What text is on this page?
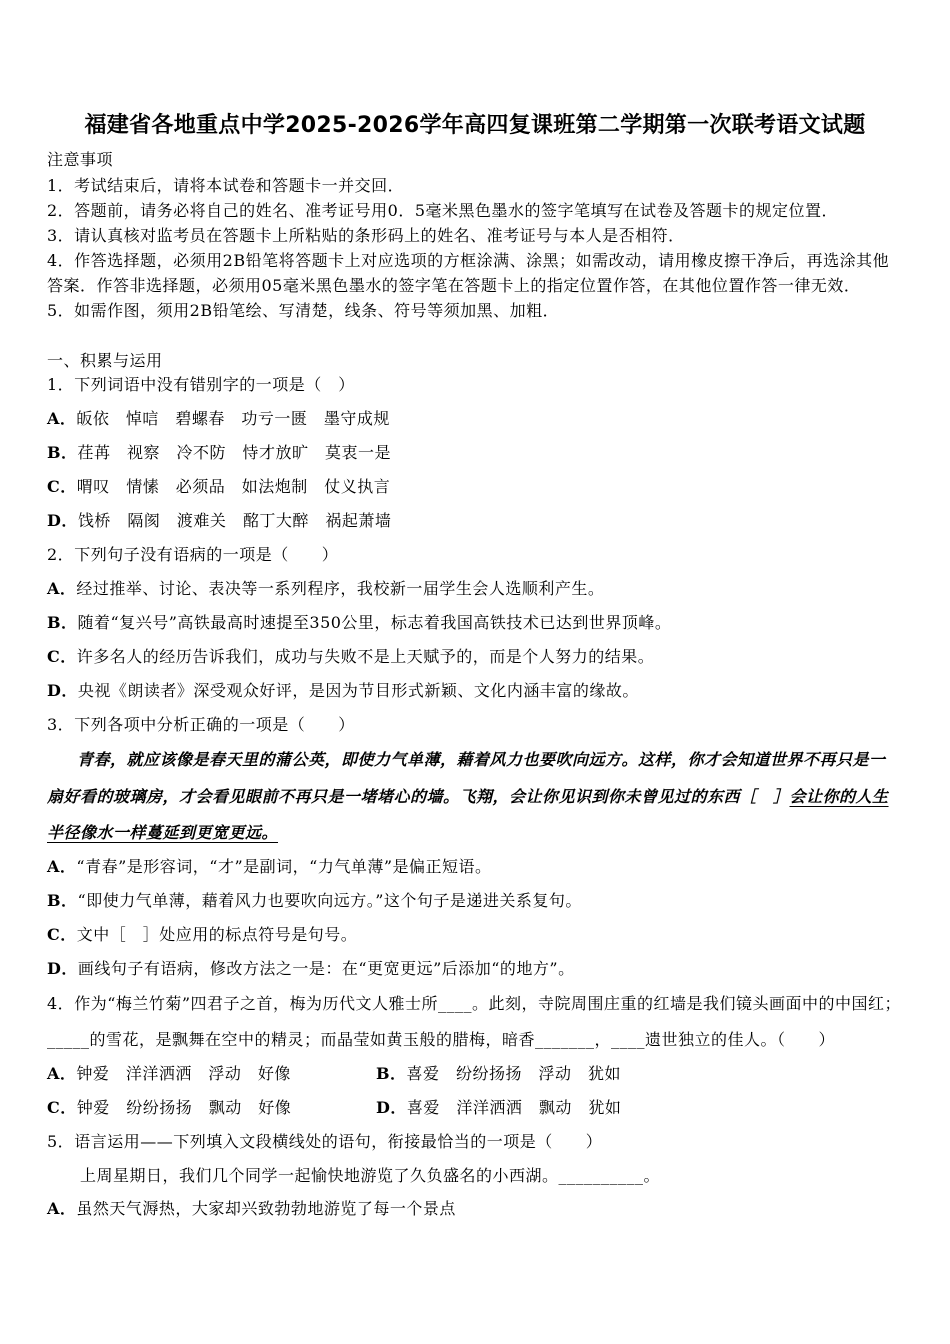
福建省各地重点中学2025-2026学年高四复课班第二学期第一次联考语文试题
注意事项
1．考试结束后，请将本试卷和答题卡一并交回．
2．答题前，请务必将自己的姓名、准考证号用0．5毫米黑色墨水的签字笔填写在试卷及答题卡的规定位置．
3．请认真核对监考员在答题卡上所粘贴的条形码上的姓名、准考证号与本人是否相符．
4．作答选择题，必须用2B铅笔将答题卡上对应选项的方框涂满、涂黑；如需改动，请用橡皮擦干净后，再选涂其他
答案．作答非选择题，必须用05毫米黑色墨水的签字笔在答题卡上的指定位置作答，在其他位置作答一律无效．
5．如需作图，须用2B铅笔绘、写清楚，线条、符号等须加黑、加粗．
一、积累与运用
1．下列词语中没有错别字的一项是（　）
A．皈依　悼唁　碧螺春　功亏一匮　墨守成规
B．荏苒　视察　冷不防　恃才放旷　莫衷一是
C．喟叹　情愫　必须品　如法炮制　仗义执言
D．饯桥　隔阂　渡难关　酩丁大醉　祸起萧墙
2．下列句子没有语病的一项是（　　）
A．经过推举、讨论、表决等一系列程序，我校新一届学生会人选顺利产生。
B．随着“复兴号”高铁最高时速提至350公里，标志着我国高铁技术已达到世界顶峰。
C．许多名人的经历告诉我们，成功与失败不是上天赋予的，而是个人努力的结果。
D．央视《朗读者》深受观众好评，是因为节目形式新颖、文化内涵丰富的缘故。
3．下列各项中分析正确的一项是（　　）
青春，就应该像是春天里的蒲公英，即使力气单薄，藉着风力也要吹向远方。这样，你才会知道世界不再只是一
扇好看的玻璃房，才会看见眼前不再只是一堵堵心的墙。飞翔，会让你见识到你未曾见过的东西［　］会让你的人生
半径像水一样蔓延到更宽更远。
A．“青春”是形容词，“才”是副词，“力气单薄”是偏正短语。
B．“即使力气单薄，藉着风力也要吹向远方。”这个句子是递进关系复句。
C．文中［　］处应用的标点符号是句号。
D．画线句子有语病，修改方法之一是：在“更宽更远”后添加“的地方”。
4．作为“梅兰竹菊”四君子之首，梅为历代文人雅士所____。此刻，寺院周围庄重的红墙是我们镜头画面中的中国红；
_____的雪花，是飘舞在空中的精灵；而晶莹如黄玉般的腊梅，暗香_______，____遗世独立的佳人。（　　）
A．钟爱　洋洋洒洒　浮动　好像	B．喜爱　纷纷扬扬　浮动　犹如
C．钟爱　纷纷扬扬　飘动　好像	D．喜爱　洋洋洒洒　飘动　犹如
5．语言运用——下列填入文段横线处的语句，衔接最恰当的一项是（　　）
上周星期日，我们几个同学一起愉快地游览了久负盛名的小西湖。__________。
A．虽然天气溽热，大家却兴致勃勃地游览了每一个景点
